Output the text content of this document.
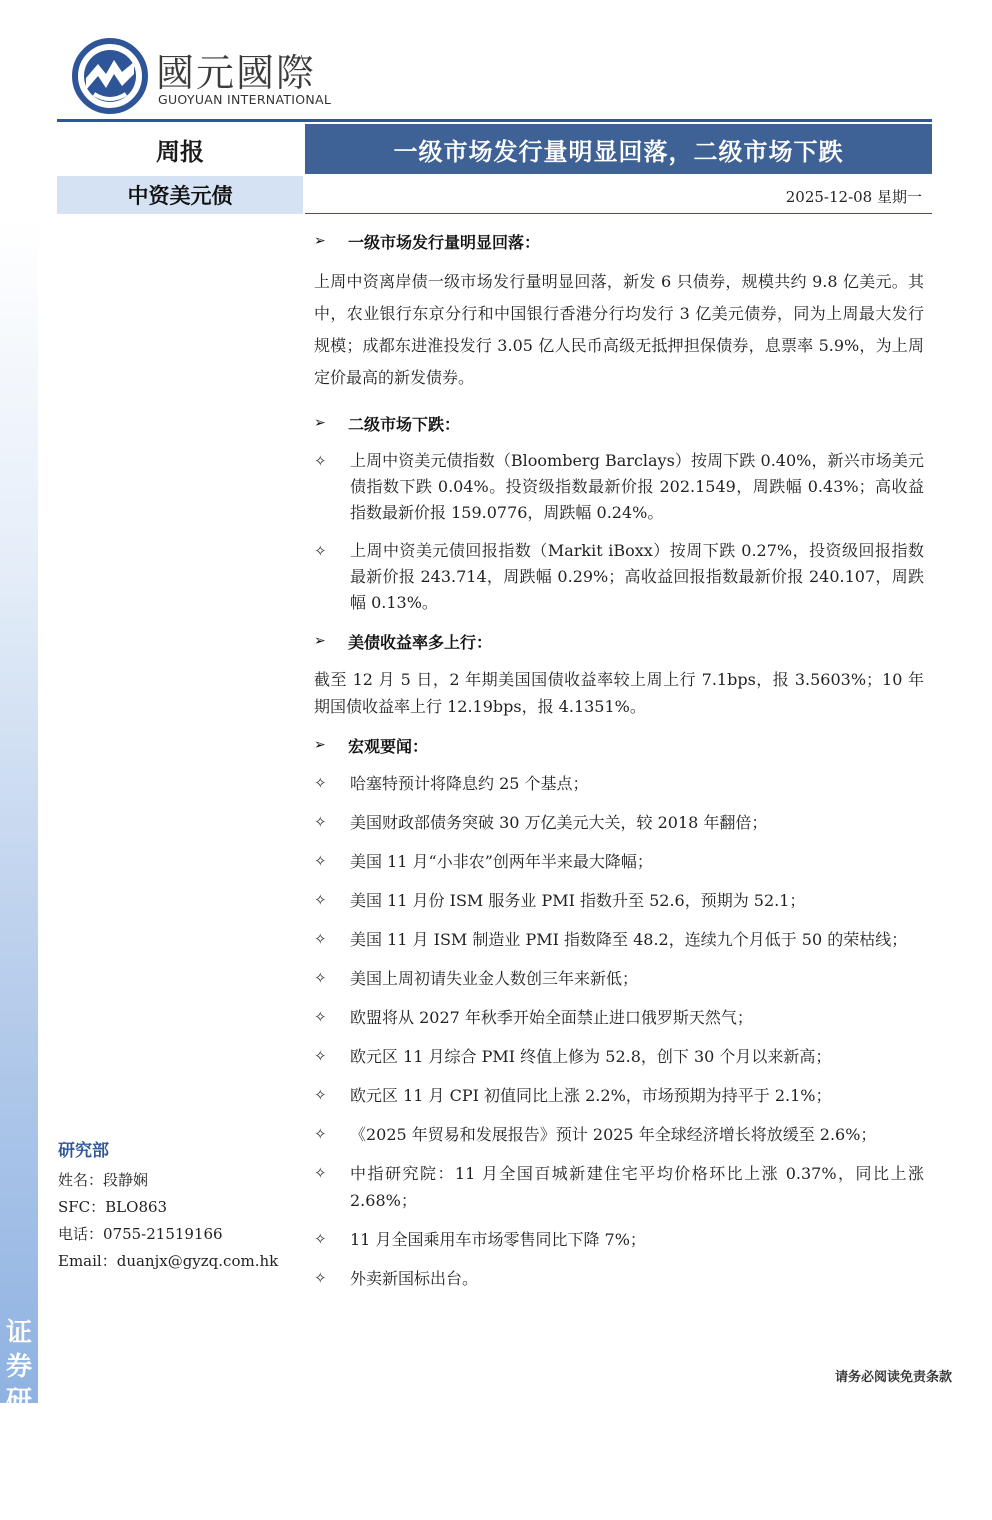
证
券
研
究
报
告
國元國際
GUOYUAN INTERNATIONAL
周报	一级市场发行量明显回落，二级市场下跌
中资美元债	2025-12-08 星期一
➢	一级市场发行量明显回落：

上周中资离岸债一级市场发行量明显回落，新发 6 只债券，规模共约 9.8 亿美元。其中，农业银行东京分行和中国银行香港分行均发行 3 亿美元债券，同为上周最大发行规模；成都东进淮投发行 3.05 亿人民币高级无抵押担保债券，息票率 5.9%，为上周定价最高的新发债券。

➢	二级市场下跌：
✧	上周中资美元债指数（Bloomberg Barclays）按周下跌 0.40%，新兴市场美元债指数下跌 0.04%。投资级指数最新价报 202.1549，周跌幅 0.43%；高收益指数最新价报 159.0776，周跌幅 0.24%。
✧	上周中资美元债回报指数（Markit iBoxx）按周下跌 0.27%，投资级回报指数最新价报 243.714，周跌幅 0.29%；高收益回报指数最新价报 240.107，周跌幅 0.13%。
➢	美债收益率多上行：

截至 12 月 5 日，2 年期美国国债收益率较上周上行 7.1bps，报 3.5603%；10 年期国债收益率上行 12.19bps，报 4.1351%。

➢	宏观要闻：
✧	哈塞特预计将降息约 25 个基点；
✧	美国财政部债务突破 30 万亿美元大关，较 2018 年翻倍；
✧	美国 11 月“小非农”创两年半来最大降幅；
✧	美国 11 月份 ISM 服务业 PMI 指数升至 52.6，预期为 52.1；
✧	美国 11 月 ISM 制造业 PMI 指数降至 48.2，连续九个月低于 50 的荣枯线；
✧	美国上周初请失业金人数创三年来新低；
✧	欧盟将从 2027 年秋季开始全面禁止进口俄罗斯天然气；
✧	欧元区 11 月综合 PMI 终值上修为 52.8，创下 30 个月以来新高；
✧	欧元区 11 月 CPI 初值同比上涨 2.2%，市场预期为持平于 2.1%；
✧	《2025 年贸易和发展报告》预计 2025 年全球经济增长将放缓至 2.6%；
✧	中指研究院：11 月全国百城新建住宅平均价格环比上涨 0.37%，同比上涨 2.68%；
✧	11 月全国乘用车市场零售同比下降 7%；
✧	外卖新国标出台。
研究部
姓名：段静娴
SFC：BLO863
电话：0755-21519166
Email：duanjx@gyzq.com.hk
请务必阅读免责条款
